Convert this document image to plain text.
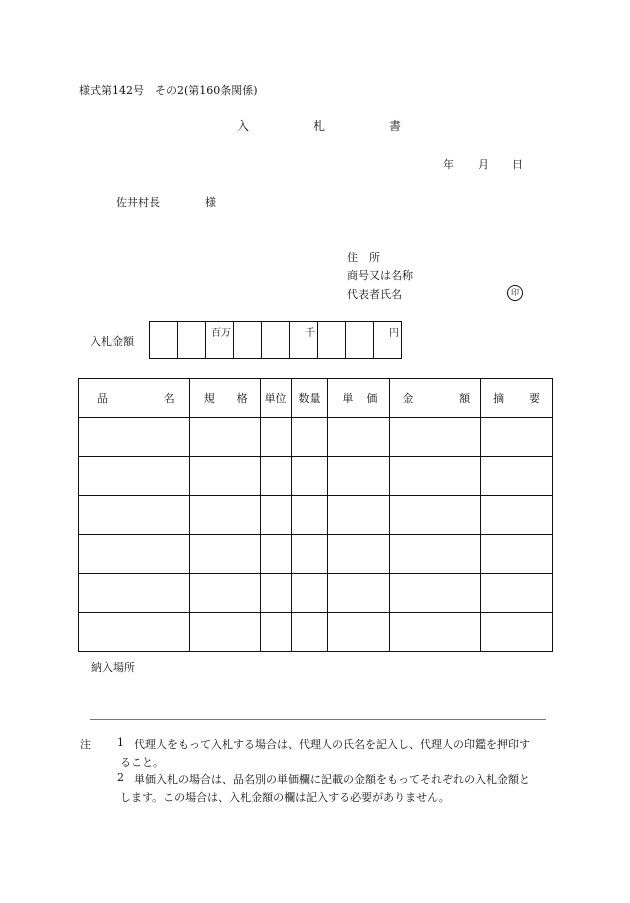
様式第142号　その2(第160条関係)
入	札	書
年 月 日
佐井村長	様
住　所
商号又は名称
代表者氏名	印
入札金額

百万			千			円
品 名	規 格	単位	数量	単 価	金 額	摘 要

納入場所
注 1 代理人をもって入札する場合は、代理人の氏名を記入し、代理人の印鑑を押印す
ること。
2 単価入札の場合は、品名別の単価欄に記載の金額をもってそれぞれの入札金額と
します。この場合は、入札金額の欄は記入する必要がありません。
